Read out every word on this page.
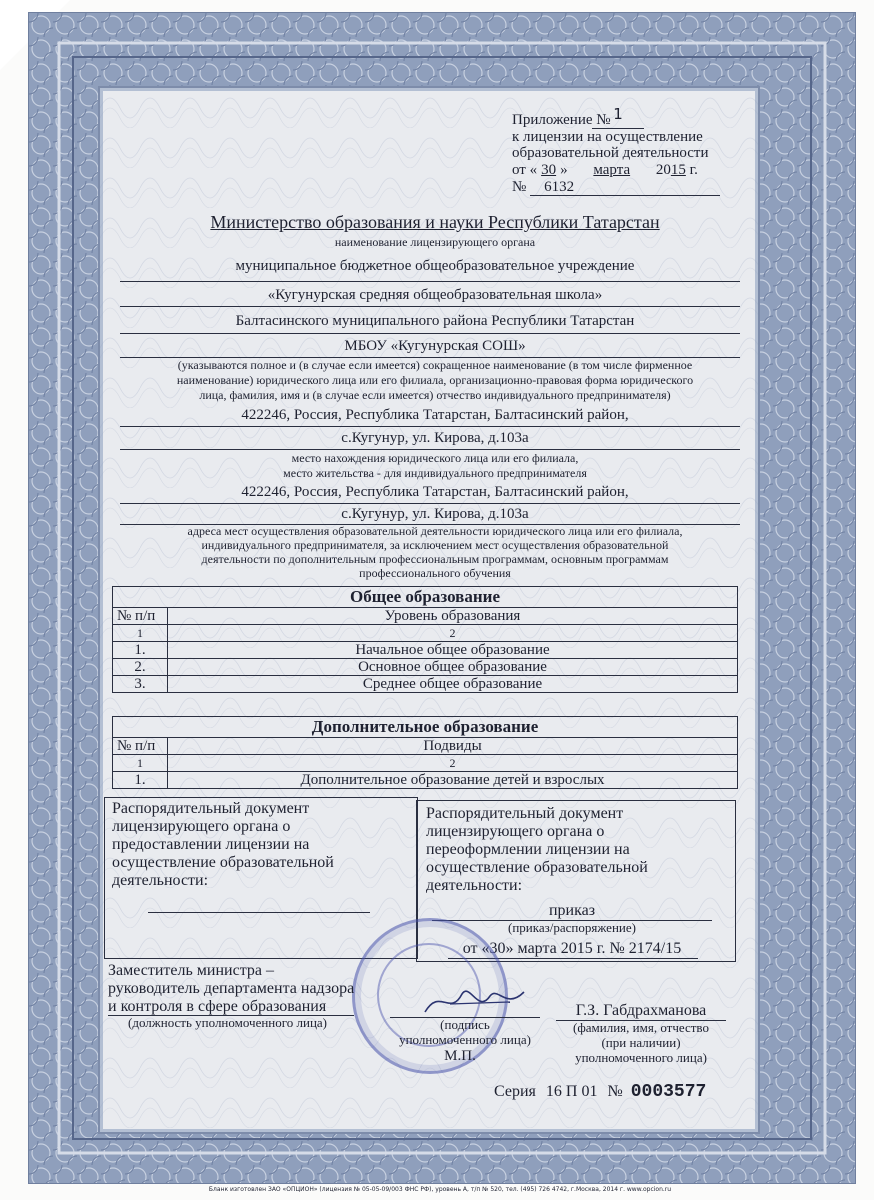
Приложение № 1
к лицензии на осуществление
образовательной деятельности
от « 30 » марта 2015 г.
№ 6132
Министерство образования и науки Республики Татарстан
наименование лицензирующего органа
муниципальное бюджетное общеобразовательное учреждение
«Кугунурская средняя общеобразовательная школа»
Балтасинского муниципального района Республики Татарстан
МБОУ «Кугунурская СОШ»
(указываются полное и (в случае если имеется) сокращенное наименование (в том числе фирменное
наименование) юридического лица или его филиала, организационно-правовая форма юридического
лица, фамилия, имя и (в случае если имеется) отчество индивидуального предпринимателя)
422246, Россия, Республика Татарстан, Балтасинский район,
с.Кугунур, ул. Кирова, д.103а
место нахождения юридического лица или его филиала,
место жительства - для индивидуального предпринимателя
422246, Россия, Республика Татарстан, Балтасинский район,
с.Кугунур, ул. Кирова, д.103а
адреса мест осуществления образовательной деятельности юридического лица или его филиала,
индивидуального предпринимателя, за исключением мест осуществления образовательной
деятельности по дополнительным профессиональным программам, основным программам
профессионального обучения
Общее образование	
№ п/п	Уровень образования
1	2
1.	Начальное общее образование
2.	Основное общее образование
3.	Среднее общее образование
Дополнительное образование	
№ п/п	Подвиды
1	2
1.	Дополнительное образование детей и взрослых
Распорядительный документ
лицензирующего органа о
предоставлении лицензии на
осуществление образовательной
деятельности:
Распорядительный документ
лицензирующего органа о
переоформлении лицензии на
осуществление образовательной
деятельности:
приказ
(приказ/распоряжение)
от «30» марта 2015 г. № 2174/15
Заместитель министра –
руководитель департамента надзора
и контроля в сфере образования
(должность уполномоченного лица)	(подпись
уполномоченного лица)
М.П.
Г.З. Габдрахманова
(фамилия, имя, отчество
(при наличии)
уполномоченного лица)
Серия 16 П 01 № 0003577
Бланк изготовлен ЗАО «ОПЦИОН» (лицензия № 05-05-09/003 ФНС РФ), уровень А, т/п № 520, тел. (495) 726 4742, г.Москва, 2014 г. www.opcion.ru
